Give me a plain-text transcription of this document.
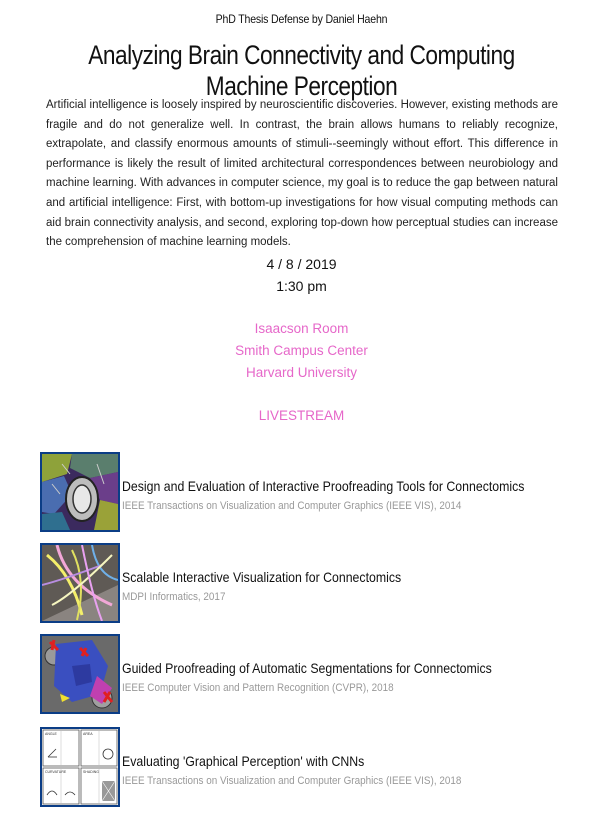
PhD Thesis Defense by Daniel Haehn
Analyzing Brain Connectivity and Computing Machine Perception
Artificial intelligence is loosely inspired by neuroscientific discoveries. However, existing methods are fragile and do not generalize well. In contrast, the brain allows humans to reliably recognize, extrapolate, and classify enormous amounts of stimuli--seemingly without effort. This difference in performance is likely the result of limited architectural correspondences between neurobiology and machine learning. With advances in computer science, my goal is to reduce the gap between natural and artificial intelligence: First, with bottom-up investigations for how visual computing methods can aid brain connectivity analysis, and second, exploring top-down how perceptual studies can increase the comprehension of machine learning models.
4 / 8 / 2019
1:30 pm
Isaacson Room
Smith Campus Center
Harvard University
LIVESTREAM
Design and Evaluation of Interactive Proofreading Tools for Connectomics
IEEE Transactions on Visualization and Computer Graphics (IEEE VIS), 2014
Scalable Interactive Visualization for Connectomics
MDPI Informatics, 2017
Guided Proofreading of Automatic Segmentations for Connectomics
IEEE Computer Vision and Pattern Recognition (CVPR), 2018
ANGLE	AREA
CURVATURE	SHADING
Evaluating 'Graphical Perception' with CNNs
IEEE Transactions on Visualization and Computer Graphics (IEEE VIS), 2018
